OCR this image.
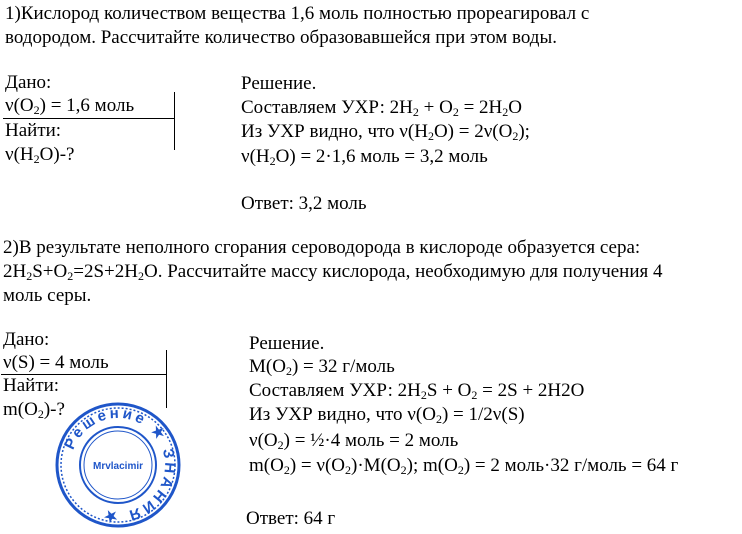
1)Кислород количеством вещества 1,6 моль полностью прореагировал с
водородом. Рассчитайте количество образовавшейся при этом воды.
Дано:
$\nu(O_2) = 1,6$ моль
Найти:
$\nu(H_2O)-$?
Решение.
Составляем УХР: $2H_2 + O_2 = 2H_2O$
Из УХР видно, что $\nu(H_2O) = 2\nu(O_2)$;
$\nu(H_2O) = 2\cdot 1,6$ моль = 3,2 моль
Ответ: 3,2 моль
2)В результате неполного сгорания сероводорода в кислороде образуется сера:
$2H_2S+O_2=2S+2H_2O$. Рассчитайте массу кислорода, необходимую для получения 4
моль серы.
Дано:
ν(S) = 4 моль
Найти:
$m(O_2)-$?
Решение.
$M(O_2) = 32$ г/моль
Составляем УХР: $2H_2S + O_2 = 2S + 2H2O$
Из УХР видно, что $\nu(O_2) = 1/2\nu(S)$
$\nu(O_2)$ = ½·4 моль = 2 моль
$m(O_2) = \nu(O_2)\cdot M(O_2)$; $m(O_2) = 2$ моль·32 г/моль = 64 г
Ответ: 64 г
Решение ★ ЗНАНИЯ ★
Mrvlacimir
